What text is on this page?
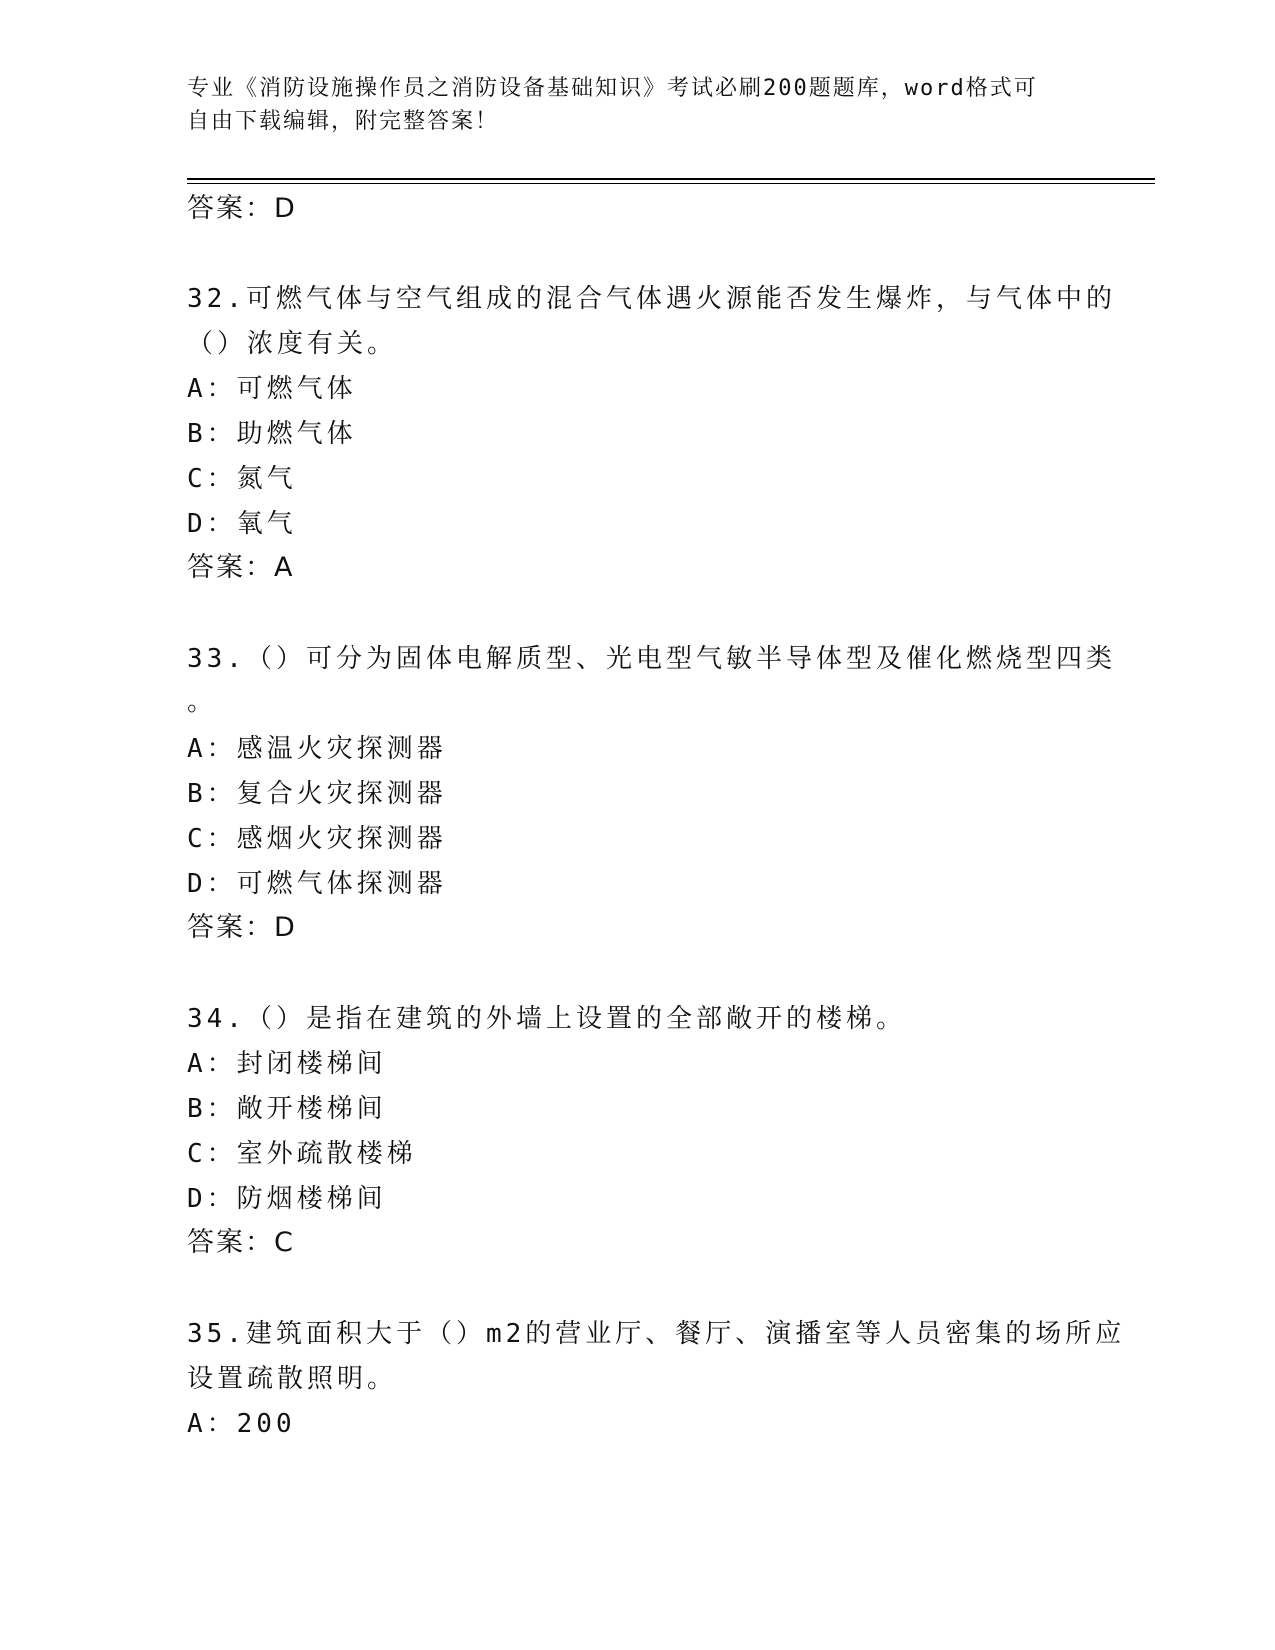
专业《消防设施操作员之消防设备基础知识》考试必刷200题题库，word格式可
自由下载编辑，附完整答案！
答案：D
32.可燃气体与空气组成的混合气体遇火源能否发生爆炸，与气体中的
（）浓度有关。
A：可燃气体
B：助燃气体
C：氮气
D：氧气
答案：A
33.（）可分为固体电解质型、光电型气敏半导体型及催化燃烧型四类
。
A：感温火灾探测器
B：复合火灾探测器
C：感烟火灾探测器
D：可燃气体探测器
答案：D
34.（）是指在建筑的外墙上设置的全部敞开的楼梯。
A：封闭楼梯间
B：敞开楼梯间
C：室外疏散楼梯
D：防烟楼梯间
答案：C
35.建筑面积大于（）m2的营业厅、餐厅、演播室等人员密集的场所应
设置疏散照明。
A：200
